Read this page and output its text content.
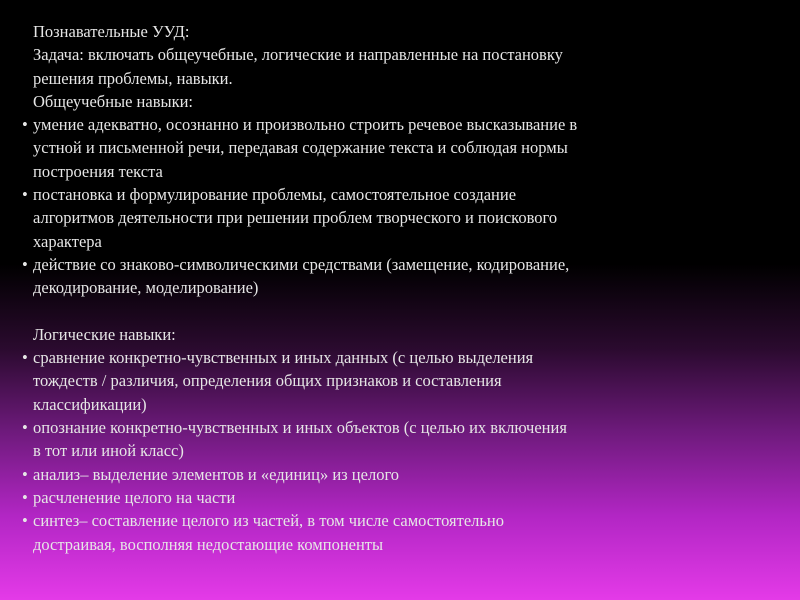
Познавательные УУД:

Задача: включать общеучебные, логические и направленные на постановку

решения проблемы, навыки.

Общеучебные навыки:

• умение адекватно, осознанно и произвольно строить речевое высказывание в

устной и письменной речи, передавая содержание текста и соблюдая нормы

построения текста

• постановка и формулирование проблемы, самостоятельное создание

алгоритмов деятельности при решении проблем творческого и поискового

характера

• действие со знаково-символическими средствами (замещение, кодирование,

декодирование, моделирование)

Логические навыки:

• сравнение конкретно-чувственных и иных данных (с целью выделения

тождеств / различия, определения общих признаков и составления

классификации)

• опознание конкретно-чувственных и иных объектов (с целью их включения

в тот или иной класс)

• анализ– выделение элементов и «единиц» из целого
• расчленение целого на части
• синтез– составление целого из частей, в том числе самостоятельно

достраивая, восполняя недостающие компоненты
